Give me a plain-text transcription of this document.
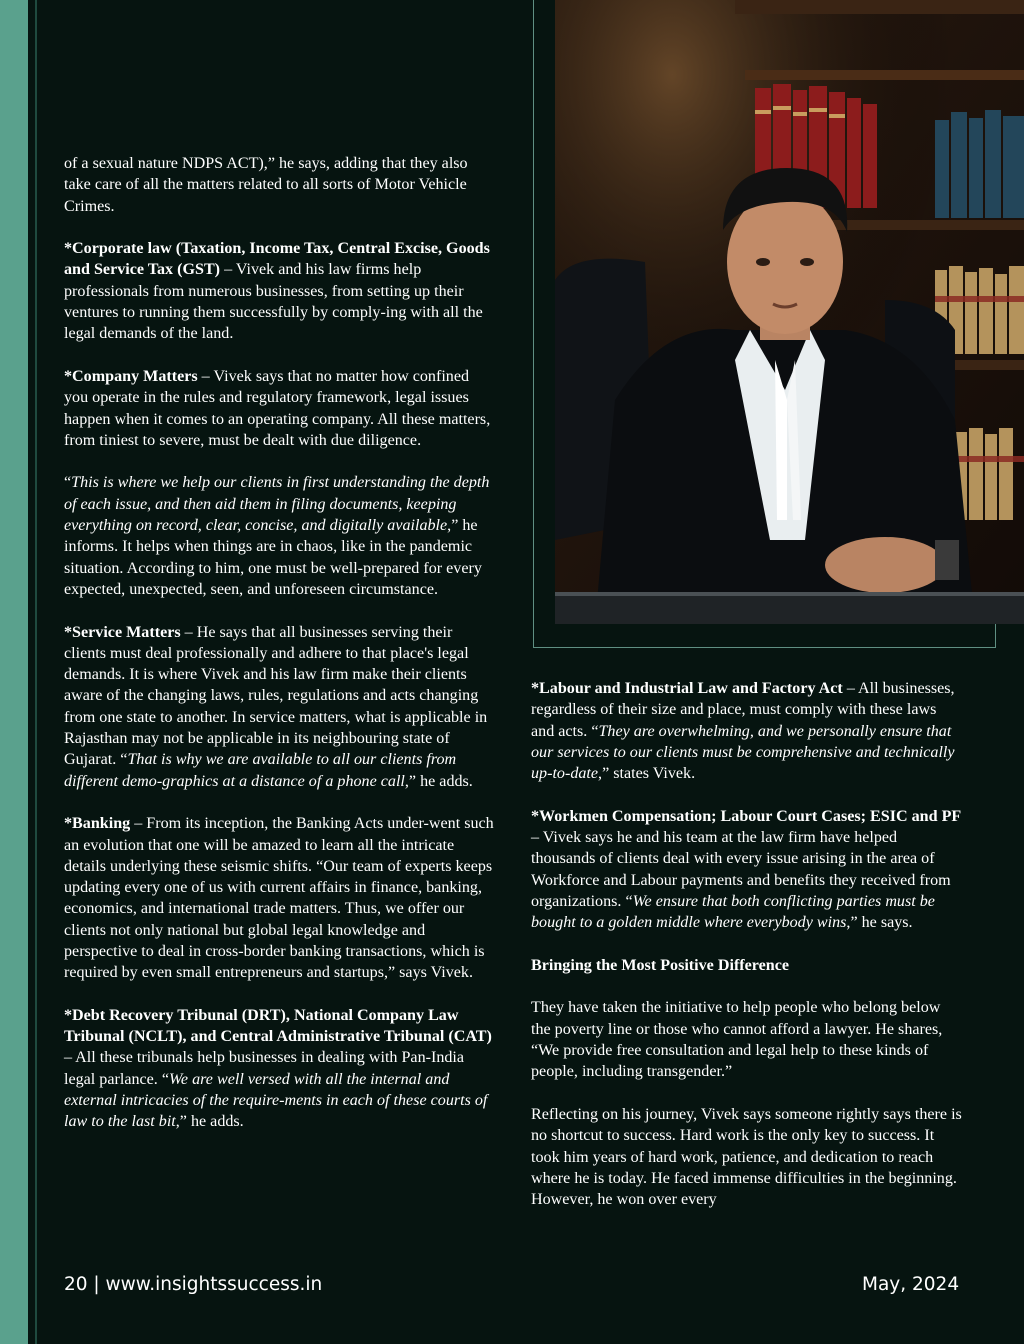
of a sexual nature NDPS ACT),” he says, adding that they also take care of all the matters related to all sorts of Motor Vehicle Crimes.

*Corporate law (Taxation, Income Tax, Central Excise, Goods and Service Tax (GST) – Vivek and his law firms help professionals from numerous businesses, from setting up their ventures to running them successfully by comply-ing with all the legal demands of the land.

*Company Matters – Vivek says that no matter how confined you operate in the rules and regulatory framework, legal issues happen when it comes to an operating company. All these matters, from tiniest to severe, must be dealt with due diligence.

“This is where we help our clients in first understanding the depth of each issue, and then aid them in filing documents, keeping everything on record, clear, concise, and digitally available,” he informs. It helps when things are in chaos, like in the pandemic situation. According to him, one must be well-prepared for every expected, unexpected, seen, and unforeseen circumstance.

*Service Matters – He says that all businesses serving their clients must deal professionally and adhere to that place's legal demands. It is where Vivek and his law firm make their clients aware of the changing laws, rules, regulations and acts changing from one state to another. In service matters, what is applicable in Rajasthan may not be applicable in its neighbouring state of Gujarat. “That is why we are available to all our clients from different demo-graphics at a distance of a phone call,” he adds.

*Banking – From its inception, the Banking Acts under-went such an evolution that one will be amazed to learn all the intricate details underlying these seismic shifts. “Our team of experts keeps updating every one of us with current affairs in finance, banking, economics, and international trade matters. Thus, we offer our clients not only national but global legal knowledge and perspective to deal in cross-border banking transactions, which is required by even small entrepreneurs and startups,” says Vivek.

*Debt Recovery Tribunal (DRT), National Company Law Tribunal (NCLT), and Central Administrative Tribunal (CAT) – All these tribunals help businesses in dealing with Pan-India legal parlance. “We are well versed with all the internal and external intricacies of the require-ments in each of these courts of law to the last bit,” he adds.

*Labour and Industrial Law and Factory Act – All businesses, regardless of their size and place, must comply with these laws and acts. “They are overwhelming, and we personally ensure that our services to our clients must be comprehensive and technically up-to-date,” states Vivek.

*Workmen Compensation; Labour Court Cases; ESIC and PF – Vivek says he and his team at the law firm have helped thousands of clients deal with every issue arising in the area of Workforce and Labour payments and benefits they received from organizations. “We ensure that both conflicting parties must be bought to a golden middle where everybody wins,” he says.

Bringing the Most Positive Difference

They have taken the initiative to help people who belong below the poverty line or those who cannot afford a lawyer. He shares, “We provide free consultation and legal help to these kinds of people, including transgender.”

Reflecting on his journey, Vivek says someone rightly says there is no shortcut to success. Hard work is the only key to success. It took him years of hard work, patience, and dedication to reach where he is today. He faced immense difficulties in the beginning. However, he won over every

20 | www.insightssuccess.in	May, 2024
